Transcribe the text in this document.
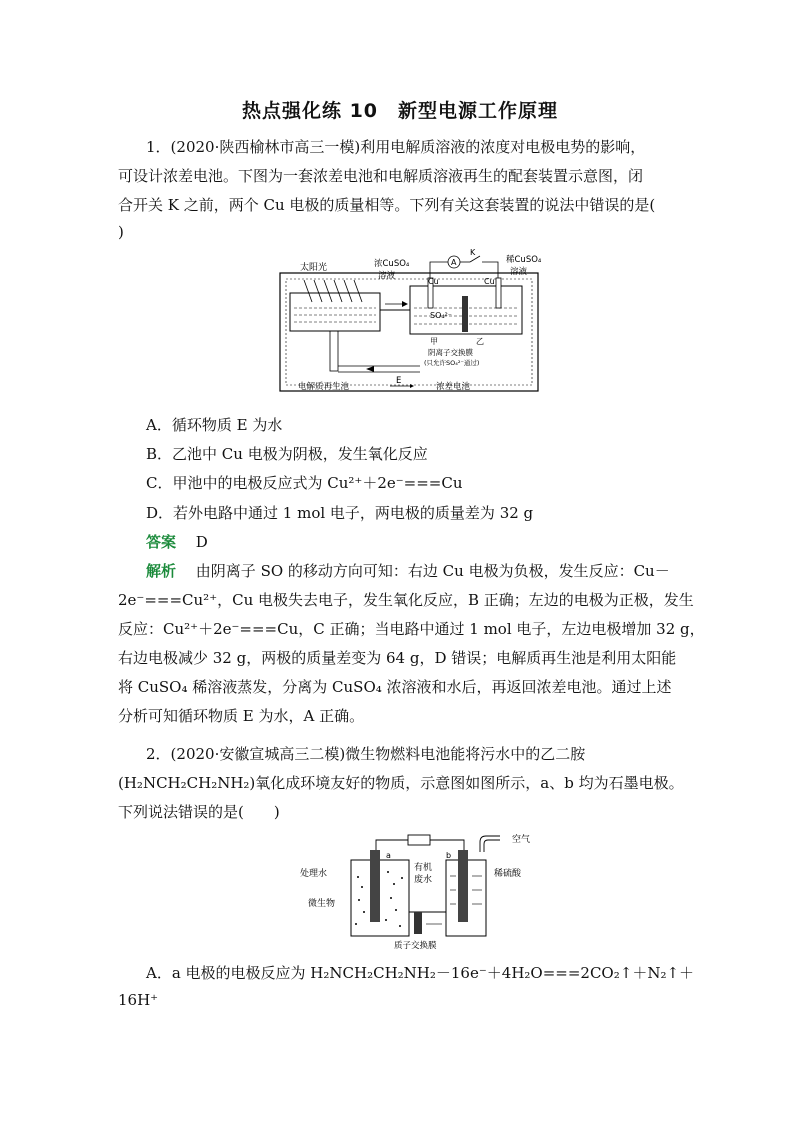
热点强化练 10　新型电源工作原理
1．(2020·陕西榆林市高三一模)利用电解质溶液的浓度对电极电势的影响，
可设计浓差电池。下图为一套浓差电池和电解质溶液再生的配套装置示意图，闭
合开关 K 之前，两个 Cu 电极的质量相等。下列有关这套装置的说法中错误的是(
)
太阳光
A
K
浓CuSO₄
溶液
Cu	Cu
稀CuSO₄
溶液
SO₄²⁻
甲	乙
阴离子交换膜
(只允许SO₄²⁻通过)
电解质再生池
E
浓差电池
A．循环物质 E 为水
B．乙池中 Cu 电极为阴极，发生氧化反应
C．甲池中的电极反应式为 Cu²⁺＋2e⁻===Cu
D．若外电路中通过 1 mol 电子，两电极的质量差为 32 g
答案　 D
解析　 由阴离子 SO 的移动方向可知：右边 Cu 电极为负极，发生反应：Cu－
2e⁻===Cu²⁺，Cu 电极失去电子，发生氧化反应，B 正确；左边的电极为正极，发生
反应：Cu²⁺＋2e⁻===Cu，C 正确；当电路中通过 1 mol 电子，左边电极增加 32 g，
右边电极减少 32 g，两极的质量差变为 64 g，D 错误；电解质再生池是利用太阳能
将 CuSO₄ 稀溶液蒸发，分离为 CuSO₄ 浓溶液和水后，再返回浓差电池。通过上述
分析可知循环物质 E 为水，A 正确。
2．(2020·安徽宣城高三二模)微生物燃料电池能将污水中的乙二胺
(H₂NCH₂CH₂NH₂)氧化成环境友好的物质，示意图如图所示，a、b 均为石墨电极。
下列说法错误的是(　　)
空气
a	b
有机
废水
处理水	稀硫酸
微生物
质子交换膜
A．a 电极的电极反应为 H₂NCH₂CH₂NH₂－16e⁻＋4H₂O===2CO₂↑＋N₂↑＋
16H⁺
